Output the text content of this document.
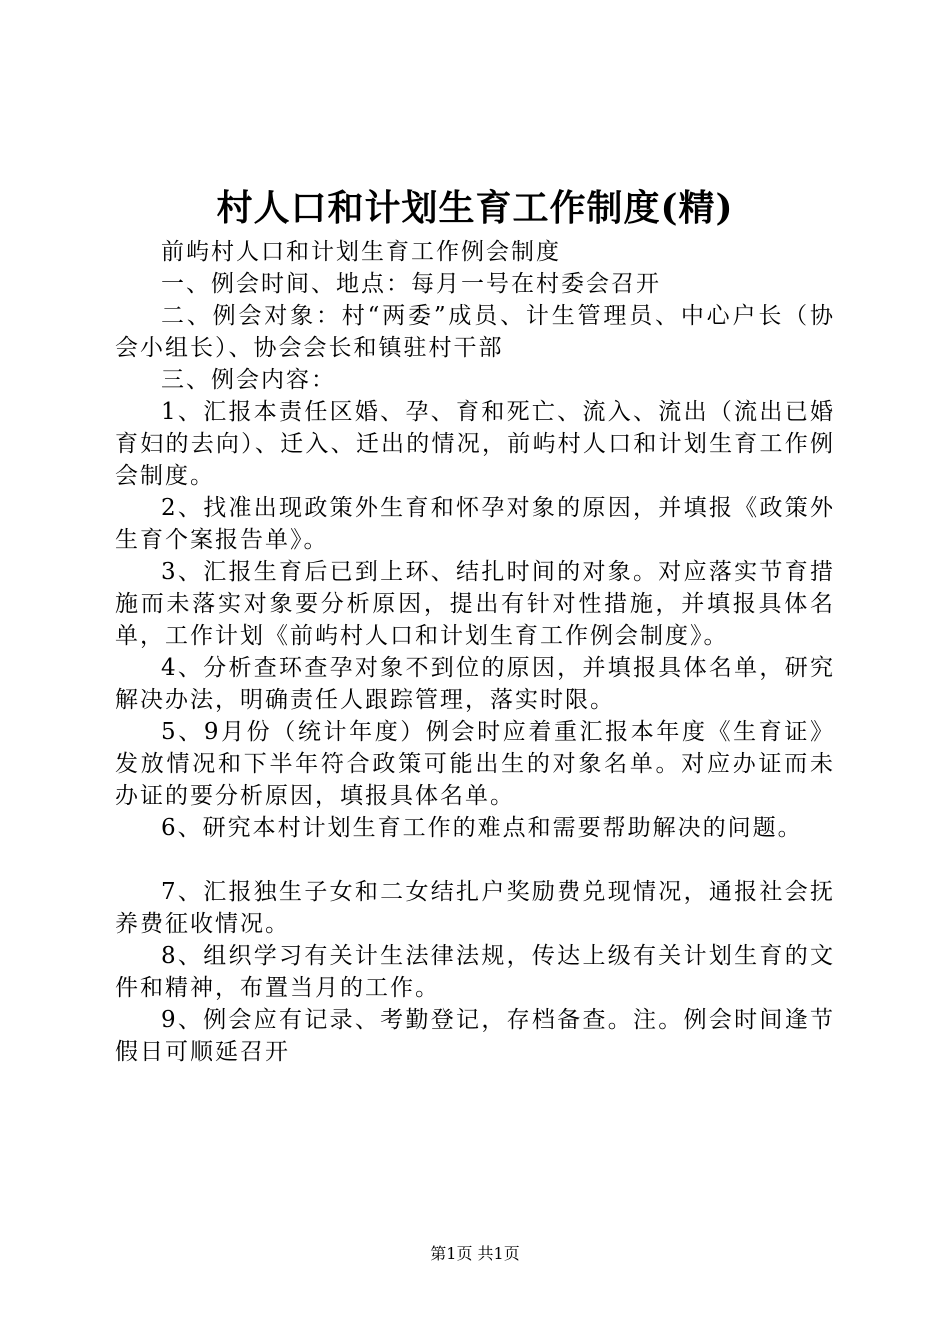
村人口和计划生育工作制度(精)

前屿村人口和计划生育工作例会制度

一、例会时间、地点：每月一号在村委会召开

二、例会对象：村“两委”成员、计生管理员、中心户长（协会小组长）、协会会长和镇驻村干部

三、例会内容：

1、汇报本责任区婚、孕、育和死亡、流入、流出（流出已婚育妇的去向）、迁入、迁出的情况，前屿村人口和计划生育工作例会制度。

2、找准出现政策外生育和怀孕对象的原因，并填报《政策外生育个案报告单》。

3、汇报生育后已到上环、结扎时间的对象。对应落实节育措施而未落实对象要分析原因，提出有针对性措施，并填报具体名单，工作计划《前屿村人口和计划生育工作例会制度》。

4、分析查环查孕对象不到位的原因，并填报具体名单，研究解决办法，明确责任人跟踪管理，落实时限。

5、9月份（统计年度）例会时应着重汇报本年度《生育证》发放情况和下半年符合政策可能出生的对象名单。对应办证而未办证的要分析原因，填报具体名单。

6、研究本村计划生育工作的难点和需要帮助解决的问题。

7、汇报独生子女和二女结扎户奖励费兑现情况，通报社会抚养费征收情况。

8、组织学习有关计生法律法规，传达上级有关计划生育的文件和精神，布置当月的工作。

9、例会应有记录、考勤登记，存档备查。注。例会时间逢节假日可顺延召开

第1页 共1页
